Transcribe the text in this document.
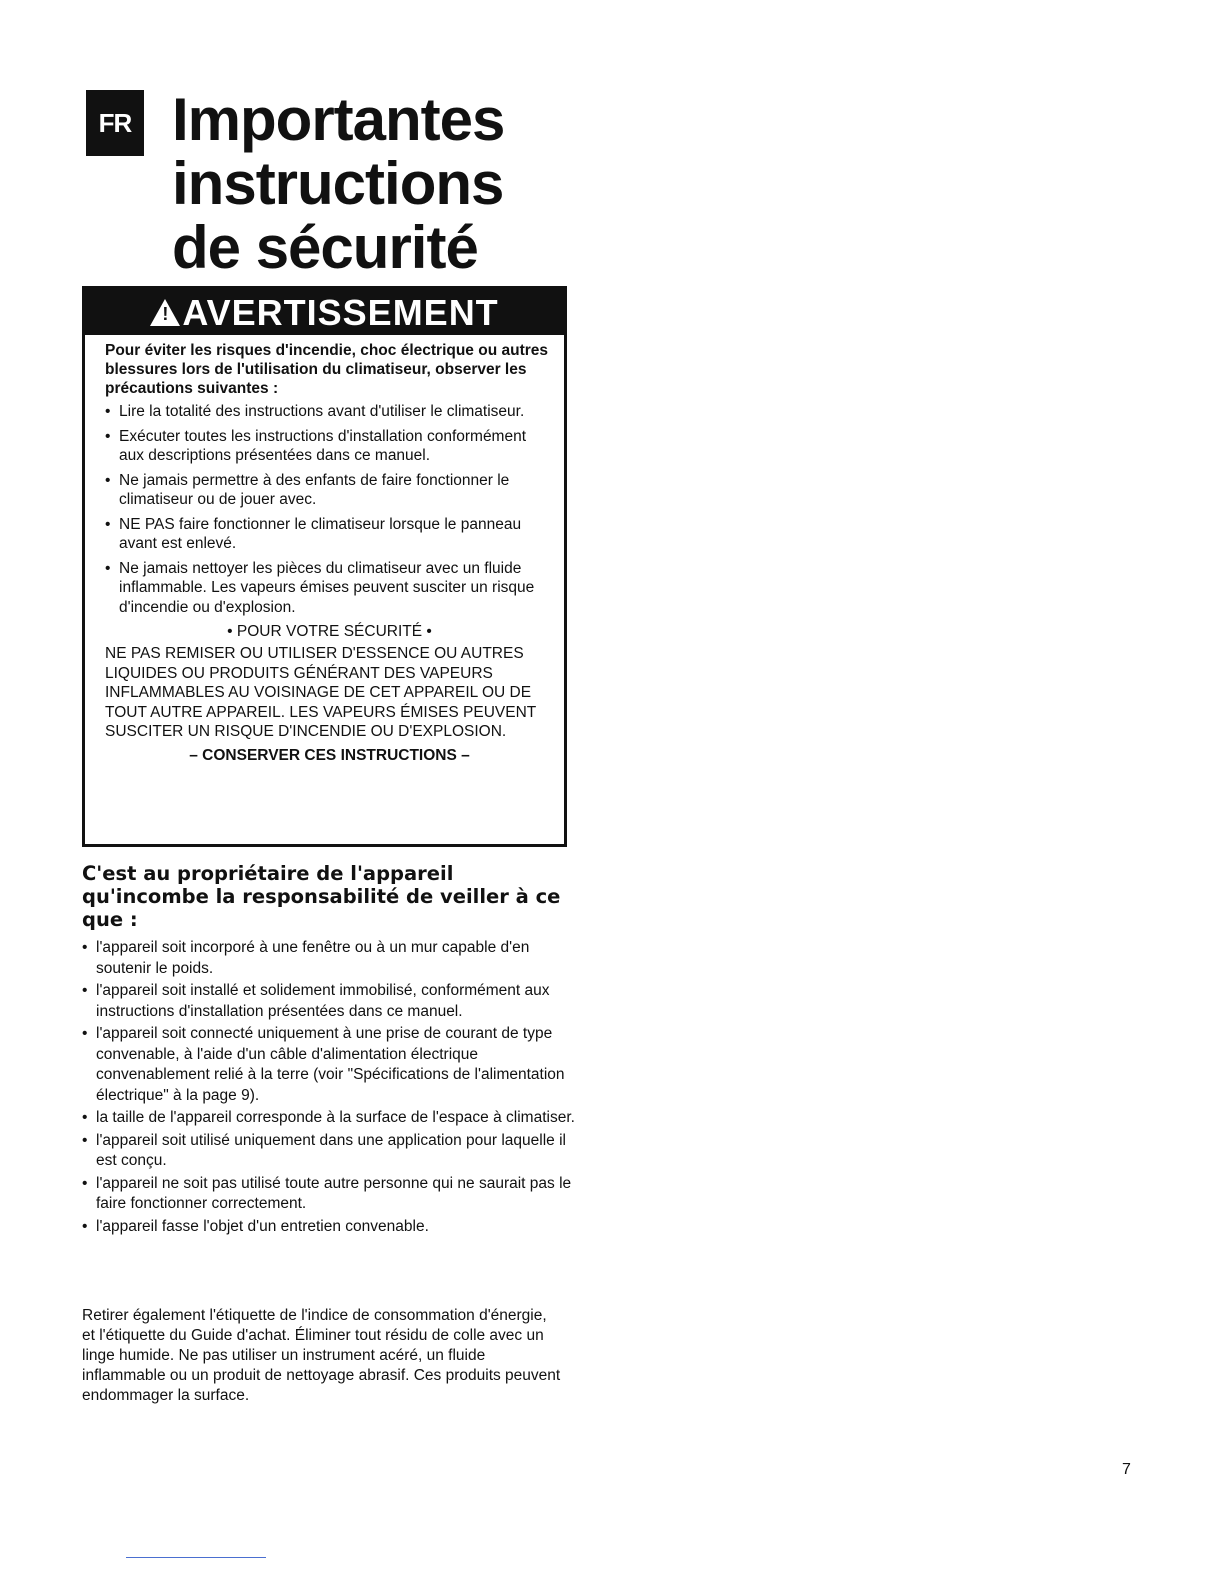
FR Importantes
instructions
de sécurité
!AVERTISSEMENT

Pour éviter les risques d'incendie, choc électrique ou autres blessures lors de l'utilisation du climatiseur, observer les précautions suivantes :

• Lire la totalité des instructions avant d'utiliser le climatiseur.
• Exécuter toutes les instructions d'installation conformément aux descriptions présentées dans ce manuel.
• Ne jamais permettre à des enfants de faire fonctionner le climatiseur ou de jouer avec.
• NE PAS faire fonctionner le climatiseur lorsque le panneau avant est enlevé.
• Ne jamais nettoyer les pièces du climatiseur avec un fluide inflammable. Les vapeurs émises peuvent susciter un risque d'incendie ou d'explosion.

• POUR VOTRE SÉCURITÉ •

NE PAS REMISER OU UTILISER D'ESSENCE OU AUTRES LIQUIDES OU PRODUITS GÉNÉRANT DES VAPEURS INFLAMMABLES AU VOISINAGE DE CET APPAREIL OU DE TOUT AUTRE APPAREIL. LES VAPEURS ÉMISES PEUVENT SUSCITER UN RISQUE D'INCENDIE OU D'EXPLOSION.

– CONSERVER CES INSTRUCTIONS –

C'est au propriétaire de l'appareil qu'incombe la responsabilité de veiller à ce que :
• l'appareil soit incorporé à une fenêtre ou à un mur capable d'en soutenir le poids.
• l'appareil soit installé et solidement immobilisé, conformément aux instructions d'installation présentées dans ce manuel.
• l'appareil soit connecté uniquement à une prise de courant de type convenable, à l'aide d'un câble d'alimentation électrique convenablement relié à la terre (voir "Spécifications de l'alimentation électrique" à la page 9).
• la taille de l'appareil corresponde à la surface de l'espace à climatiser.
• l'appareil soit utilisé uniquement dans une application pour laquelle il est conçu.
• l'appareil ne soit pas utilisé toute autre personne qui ne saurait pas le faire fonctionner correctement.
• l'appareil fasse l'objet d'un entretien convenable.

Retirer également l'étiquette de l'indice de consommation d'énergie, et l'étiquette du Guide d'achat. Éliminer tout résidu de colle avec un linge humide. Ne pas utiliser un instrument acéré, un fluide inflammable ou un produit de nettoyage abrasif. Ces produits peuvent endommager la surface.

7
